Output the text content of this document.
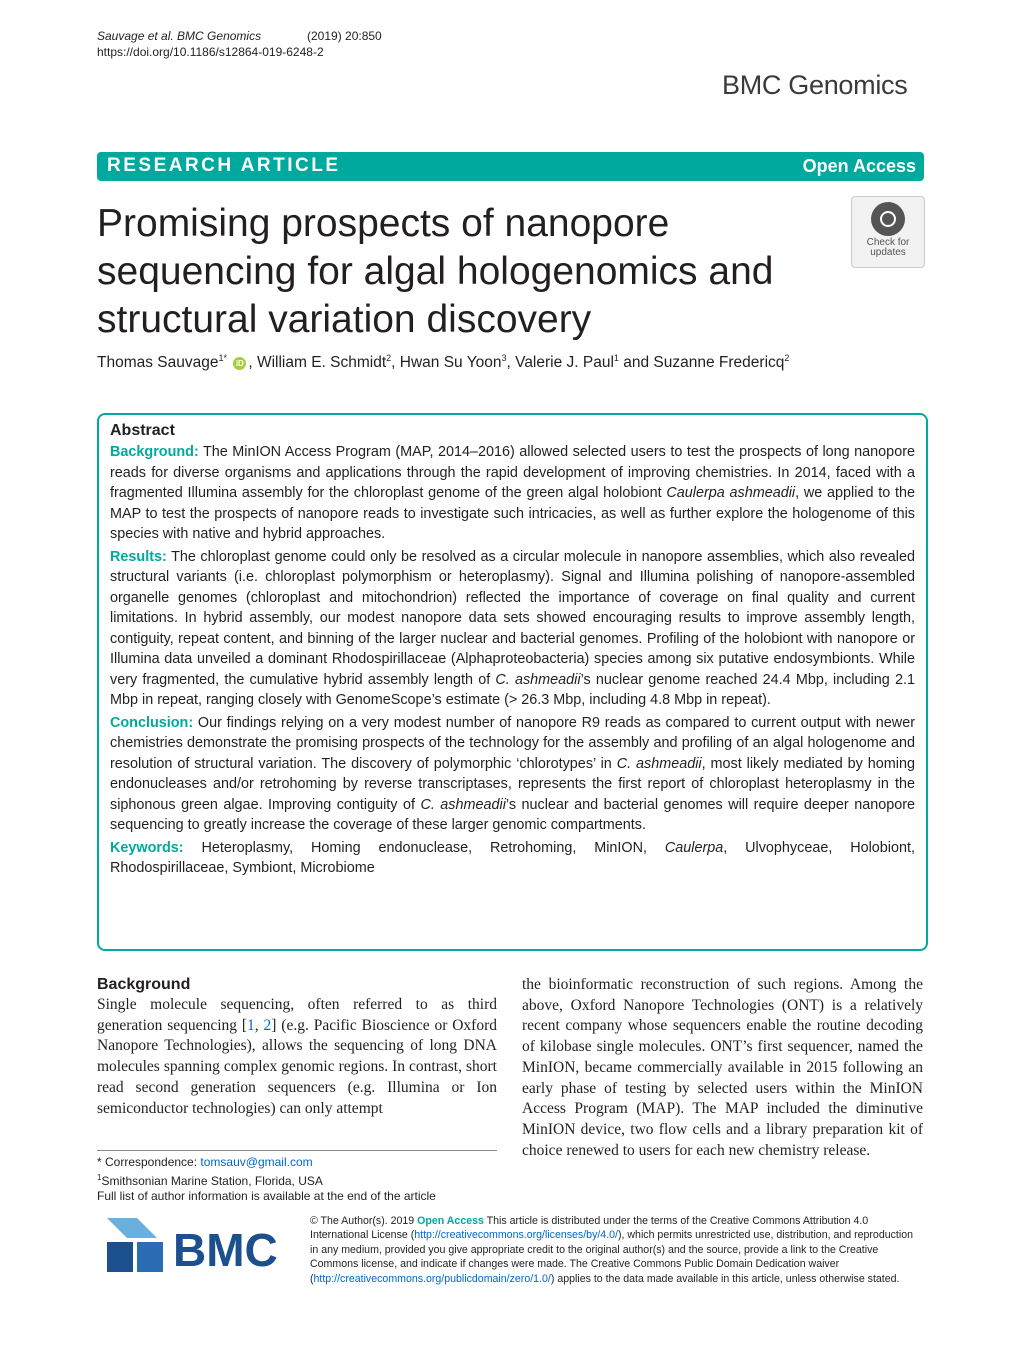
Sauvage et al. BMC Genomics	(2019) 20:850
https://doi.org/10.1186/s12864-019-6248-2
BMC Genomics
RESEARCH ARTICLE	Open Access
Check for
updates
Promising prospects of nanopore sequencing for algal hologenomics and structural variation discovery
Thomas Sauvage$^{1*}$ iD , William E. Schmidt$^2$, Hwan Su Yoon$^3$, Valerie J. Paul$^1$ and Suzanne Fredericq$^2$
Abstract

Background: The MinION Access Program (MAP, 2014–2016) allowed selected users to test the prospects of long nanopore reads for diverse organisms and applications through the rapid development of improving chemistries. In 2014, faced with a fragmented Illumina assembly for the chloroplast genome of the green algal holobiont Caulerpa ashmeadii, we applied to the MAP to test the prospects of nanopore reads to investigate such intricacies, as well as further explore the hologenome of this species with native and hybrid approaches.

Results: The chloroplast genome could only be resolved as a circular molecule in nanopore assemblies, which also revealed structural variants (i.e. chloroplast polymorphism or heteroplasmy). Signal and Illumina polishing of nanopore-assembled organelle genomes (chloroplast and mitochondrion) reflected the importance of coverage on final quality and current limitations. In hybrid assembly, our modest nanopore data sets showed encouraging results to improve assembly length, contiguity, repeat content, and binning of the larger nuclear and bacterial genomes. Profiling of the holobiont with nanopore or Illumina data unveiled a dominant Rhodospirillaceae (Alphaproteobacteria) species among six putative endosymbionts. While very fragmented, the cumulative hybrid assembly length of C. ashmeadii’s nuclear genome reached 24.4 Mbp, including 2.1 Mbp in repeat, ranging closely with GenomeScope’s estimate (> 26.3 Mbp, including 4.8 Mbp in repeat).

Conclusion: Our findings relying on a very modest number of nanopore R9 reads as compared to current output with newer chemistries demonstrate the promising prospects of the technology for the assembly and profiling of an algal hologenome and resolution of structural variation. The discovery of polymorphic ‘chlorotypes’ in C. ashmeadii, most likely mediated by homing endonucleases and/or retrohoming by reverse transcriptases, represents the first report of chloroplast heteroplasmy in the siphonous green algae. Improving contiguity of C. ashmeadii’s nuclear and bacterial genomes will require deeper nanopore sequencing to greatly increase the coverage of these larger genomic compartments.

Keywords: Heteroplasmy, Homing endonuclease, Retrohoming, MinION, Caulerpa, Ulvophyceae, Holobiont, Rhodospirillaceae, Symbiont, Microbiome

Background

Single molecule sequencing, often referred to as third generation sequencing [1, 2] (e.g. Pacific Bioscience or Oxford Nanopore Technologies), allows the sequencing of long DNA molecules spanning complex genomic regions. In contrast, short read second generation sequencers (e.g. Illumina or Ion semiconductor technologies) can only attempt

the bioinformatic reconstruction of such regions. Among the above, Oxford Nanopore Technologies (ONT) is a relatively recent company whose sequencers enable the routine decoding of kilobase single molecules. ONT’s first sequencer, named the MinION, became commercially available in 2015 following an early phase of testing by selected users within the MinION Access Program (MAP). The MAP included the diminutive MinION device, two flow cells and a library preparation kit of choice renewed to users for each new chemistry release.

* Correspondence: tomsauv@gmail.com
$^1$Smithsonian Marine Station, Florida, USA
Full list of author information is available at the end of the article
BMC
© The Author(s). 2019 Open Access This article is distributed under the terms of the Creative Commons Attribution 4.0 International License (http://creativecommons.org/licenses/by/4.0/), which permits unrestricted use, distribution, and reproduction in any medium, provided you give appropriate credit to the original author(s) and the source, provide a link to the Creative Commons license, and indicate if changes were made. The Creative Commons Public Domain Dedication waiver (http://creativecommons.org/publicdomain/zero/1.0/) applies to the data made available in this article, unless otherwise stated.
